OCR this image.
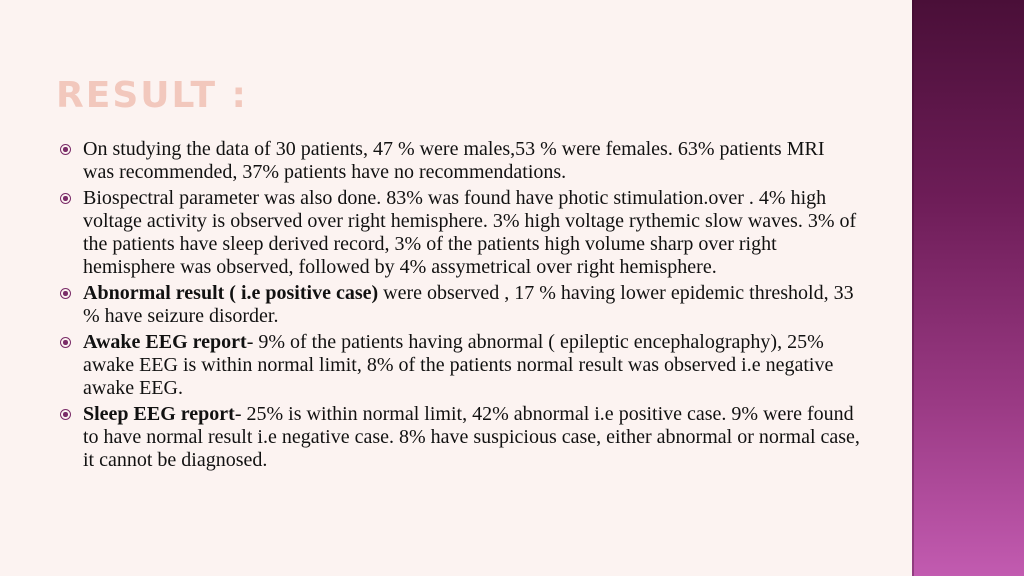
RESULT :
On studying the data of 30 patients, 47 % were males,53 % were females. 63% patients MRI was recommended, 37% patients have no recommendations.
Biospectral parameter was also done. 83% was found have photic stimulation.over . 4% high voltage activity is observed over right hemisphere. 3% high voltage rythemic slow waves. 3% of the patients have sleep derived record, 3% of the patients high volume sharp over right hemisphere was observed, followed by 4% assymetrical over right hemisphere.
Abnormal result ( i.e positive case) were observed , 17 % having lower epidemic threshold, 33 % have seizure disorder.
Awake EEG report- 9% of the patients having abnormal ( epileptic encephalography), 25% awake EEG is within normal limit, 8% of the patients normal result was observed i.e negative awake EEG.
Sleep EEG report- 25% is within normal limit, 42% abnormal i.e positive case. 9% were found to have normal result i.e negative case. 8% have suspicious case, either abnormal or normal case, it cannot be diagnosed.
